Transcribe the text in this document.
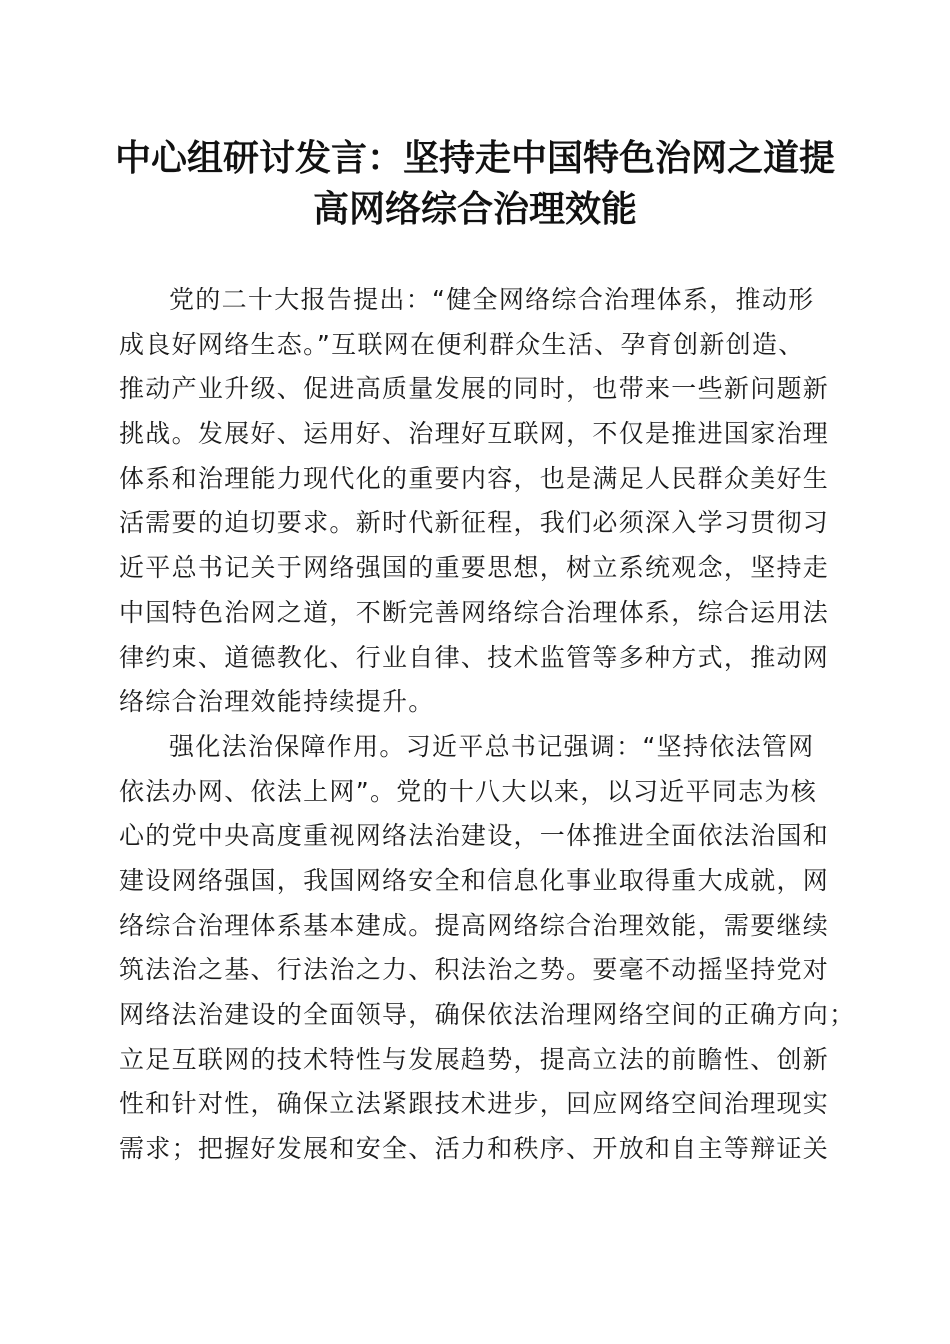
中心组研讨发言：坚持走中国特色治网之道提
高网络综合治理效能
党的二十大报告提出：“健全网络综合治理体系，推动形
成良好网络生态。”互联网在便利群众生活、孕育创新创造、
推动产业升级、促进高质量发展的同时，也带来一些新问题新
挑战。发展好、运用好、治理好互联网，不仅是推进国家治理
体系和治理能力现代化的重要内容，也是满足人民群众美好生
活需要的迫切要求。新时代新征程，我们必须深入学习贯彻习
近平总书记关于网络强国的重要思想，树立系统观念，坚持走
中国特色治网之道，不断完善网络综合治理体系，综合运用法
律约束、道德教化、行业自律、技术监管等多种方式，推动网
络综合治理效能持续提升。
强化法治保障作用。习近平总书记强调：“坚持依法管网
依法办网、依法上网”。党的十八大以来，以习近平同志为核
心的党中央高度重视网络法治建设，一体推进全面依法治国和
建设网络强国，我国网络安全和信息化事业取得重大成就，网
络综合治理体系基本建成。提高网络综合治理效能，需要继续
筑法治之基、行法治之力、积法治之势。要毫不动摇坚持党对
网络法治建设的全面领导，确保依法治理网络空间的正确方向；
立足互联网的技术特性与发展趋势，提高立法的前瞻性、创新
性和针对性，确保立法紧跟技术进步，回应网络空间治理现实
需求；把握好发展和安全、活力和秩序、开放和自主等辩证关
